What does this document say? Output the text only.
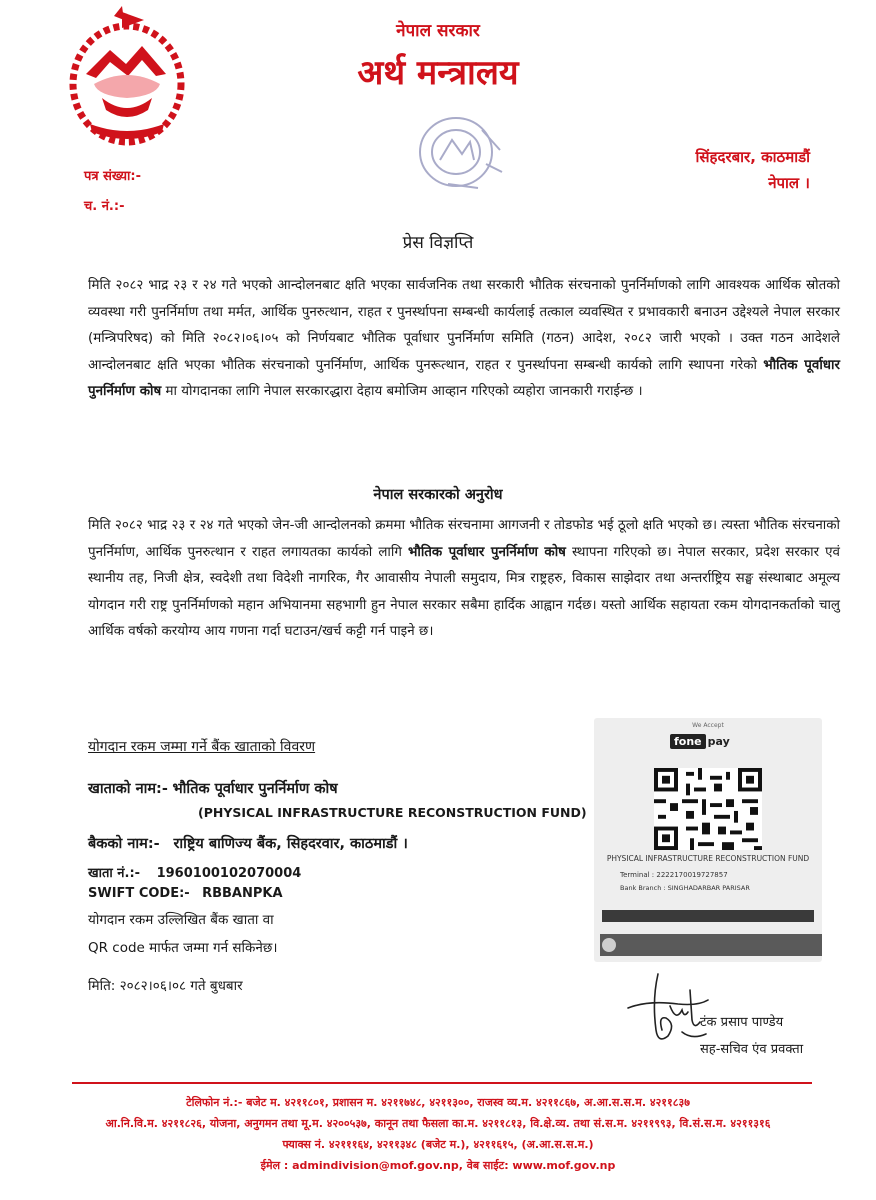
नेपाल सरकार
अर्थ मन्त्रालय
सिंहदरबार, काठमाडौं
नेपाल ।
पत्र संख्या:-
च. नं.:-
प्रेस विज्ञप्ति
मिति २०८२ भाद्र २३ र २४ गते भएको आन्दोलनबाट क्षति भएका सार्वजनिक तथा सरकारी भौतिक संरचनाको पुनर्निर्माणको लागि आवश्यक आर्थिक स्रोतको व्यवस्था गरी पुनर्निर्माण तथा मर्मत, आर्थिक पुनरुत्थान, राहत र पुनर्स्थापना सम्बन्धी कार्यलाई तत्काल व्यवस्थित र प्रभावकारी बनाउन उद्देश्यले नेपाल सरकार (मन्त्रिपरिषद) को मिति २०८२।०६।०५ को निर्णयबाट भौतिक पूर्वाधार पुनर्निर्माण समिति (गठन) आदेश, २०८२ जारी भएको । उक्त गठन आदेशले आन्दोलनबाट क्षति भएका भौतिक संरचनाको पुनर्निर्माण, आर्थिक पुनरूत्थान, राहत र पुनर्स्थापना सम्बन्धी कार्यको लागि स्थापना गरेको भौतिक पूर्वाधार पुनर्निर्माण कोष मा योगदानका लागि नेपाल सरकारद्धारा देहाय बमोजिम आव्हान गरिएको व्यहोरा जानकारी गराईन्छ ।
नेपाल सरकारको अनुरोध
मिति २०८२ भाद्र २३ र २४ गते भएको जेन-जी आन्दोलनको क्रममा भौतिक संरचनामा आगजनी र तोडफोड भई ठूलो क्षति भएको छ। त्यस्ता भौतिक संरचनाको पुनर्निर्माण, आर्थिक पुनरुत्थान र राहत लगायतका कार्यको लागि भौतिक पूर्वाधार पुनर्निर्माण कोष स्थापना गरिएको छ। नेपाल सरकार, प्रदेश सरकार एवं स्थानीय तह, निजी क्षेत्र, स्वदेशी तथा विदेशी नागरिक, गैर आवासीय नेपाली समुदाय, मित्र राष्ट्रहरु, विकास साझेदार तथा अन्तर्राष्ट्रिय सङ्घ संस्थाबाट अमूल्य योगदान गरी राष्ट्र पुनर्निर्माणको महान अभियानमा सहभागी हुन नेपाल सरकार सबैमा हार्दिक आह्वान गर्दछ। यस्तो आर्थिक सहायता रकम योगदानकर्ताको चालु आर्थिक वर्षको करयोग्य आय गणना गर्दा घटाउन/खर्च कट्टी गर्न पाइने छ।
योगदान रकम जम्मा गर्ने बैंक खाताको विवरण
खाताको नाम:- भौतिक पूर्वाधार पुनर्निर्माण कोष
(PHYSICAL INFRASTRUCTURE RECONSTRUCTION FUND)
बैकको नाम:- राष्ट्रिय बाणिज्य बैंक, सिहदरवार, काठमाडौं ।
खाता नं.:- 1960100102070004
SWIFT CODE:- RBBANPKA
योगदान रकम उल्लिखित बैंक खाता वा
QR code मार्फत जम्मा गर्न सकिनेछ।
मिति: २०८२।०६।०८ गते बुधबार
We Accept
fone pay
PHYSICAL INFRASTRUCTURE RECONSTRUCTION FUND
Terminal : 2222170019727857
Bank Branch : SINGHADARBAR PARISAR
टंक प्रसाप पाण्डेय
सह-सचिव एंव प्रवक्ता
टेलिफोन नं.:- बजेट म. ४२११८०१, प्रशासन म. ४२११७४८, ४२११३००, राजस्व व्य.म. ४२११८६७, अ.आ.स.स.म. ४२११८३७
आ.नि.वि.म. ४२११८२६, योजना, अनुगमन तथा मू.म. ४२००५३७, कानून तथा फैसला का.म. ४२११८१३, वि.क्षे.व्य. तथा सं.स.म. ४२११९९३, वि.सं.स.म. ४२११३१६
फ्याक्स नं. ४२१११६४, ४२११३४८ (बजेट म.), ४२११६१५, (अ.आ.स.स.म.)
ईमेल : admindivision@mof.gov.np, वेब साईट: www.mof.gov.np
